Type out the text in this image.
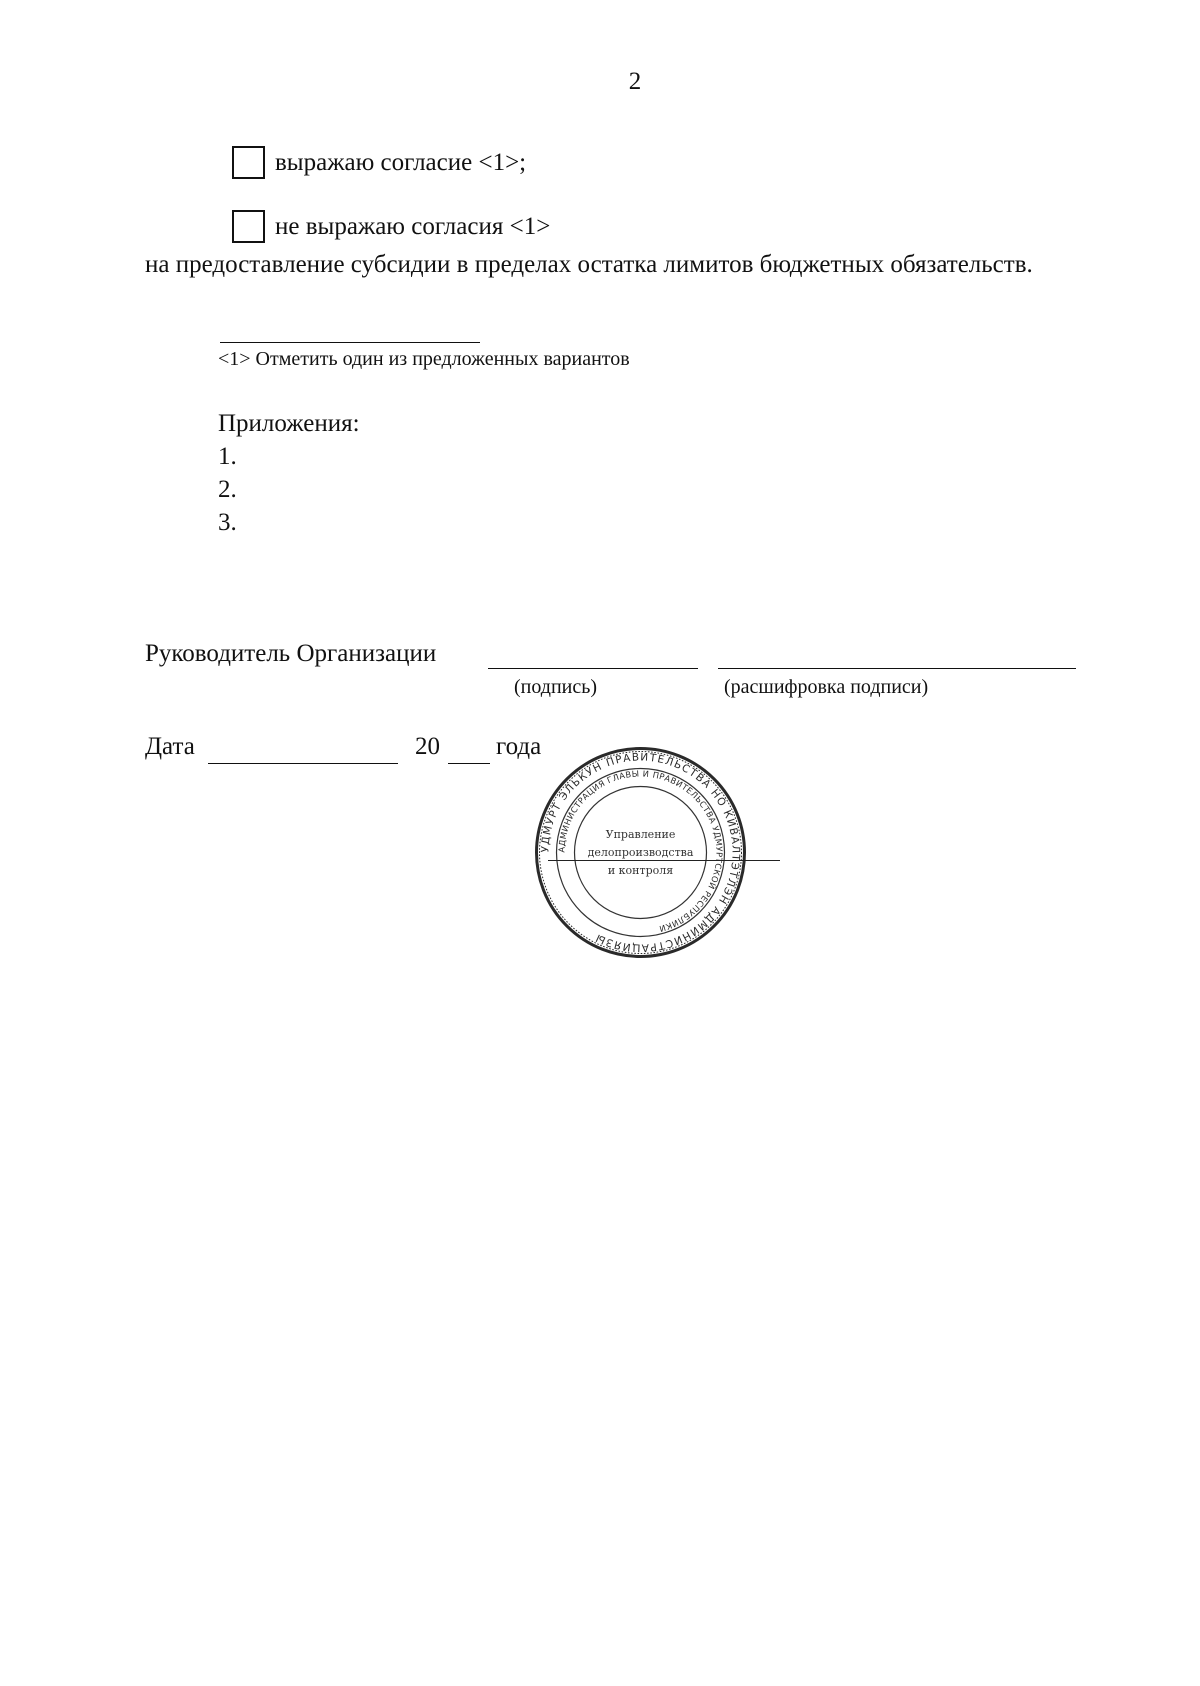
2
выражаю согласие <1>;
не выражаю согласия <1>
на предоставление субсидии в пределах остатка лимитов бюджетных обязательств.
<1> Отметить один из предложенных вариантов
Приложения:
1.
2.
3.
Руководитель Организации
(подпись)	(расшифровка подписи)
Дата	20 года
УДМУРТ ЭЛЬКУН ПРАВИТЕЛЬСТВА НО КИВАЛТЭТЛЭН АДМИНИСТРАЦИЯЗЫ
АДМИНИСТРАЦИЯ ГЛАВЫ И ПРАВИТЕЛЬСТВА УДМУРТСКОЙ РЕСПУБЛИКИ
Управление
делопроизводства
и контроля
